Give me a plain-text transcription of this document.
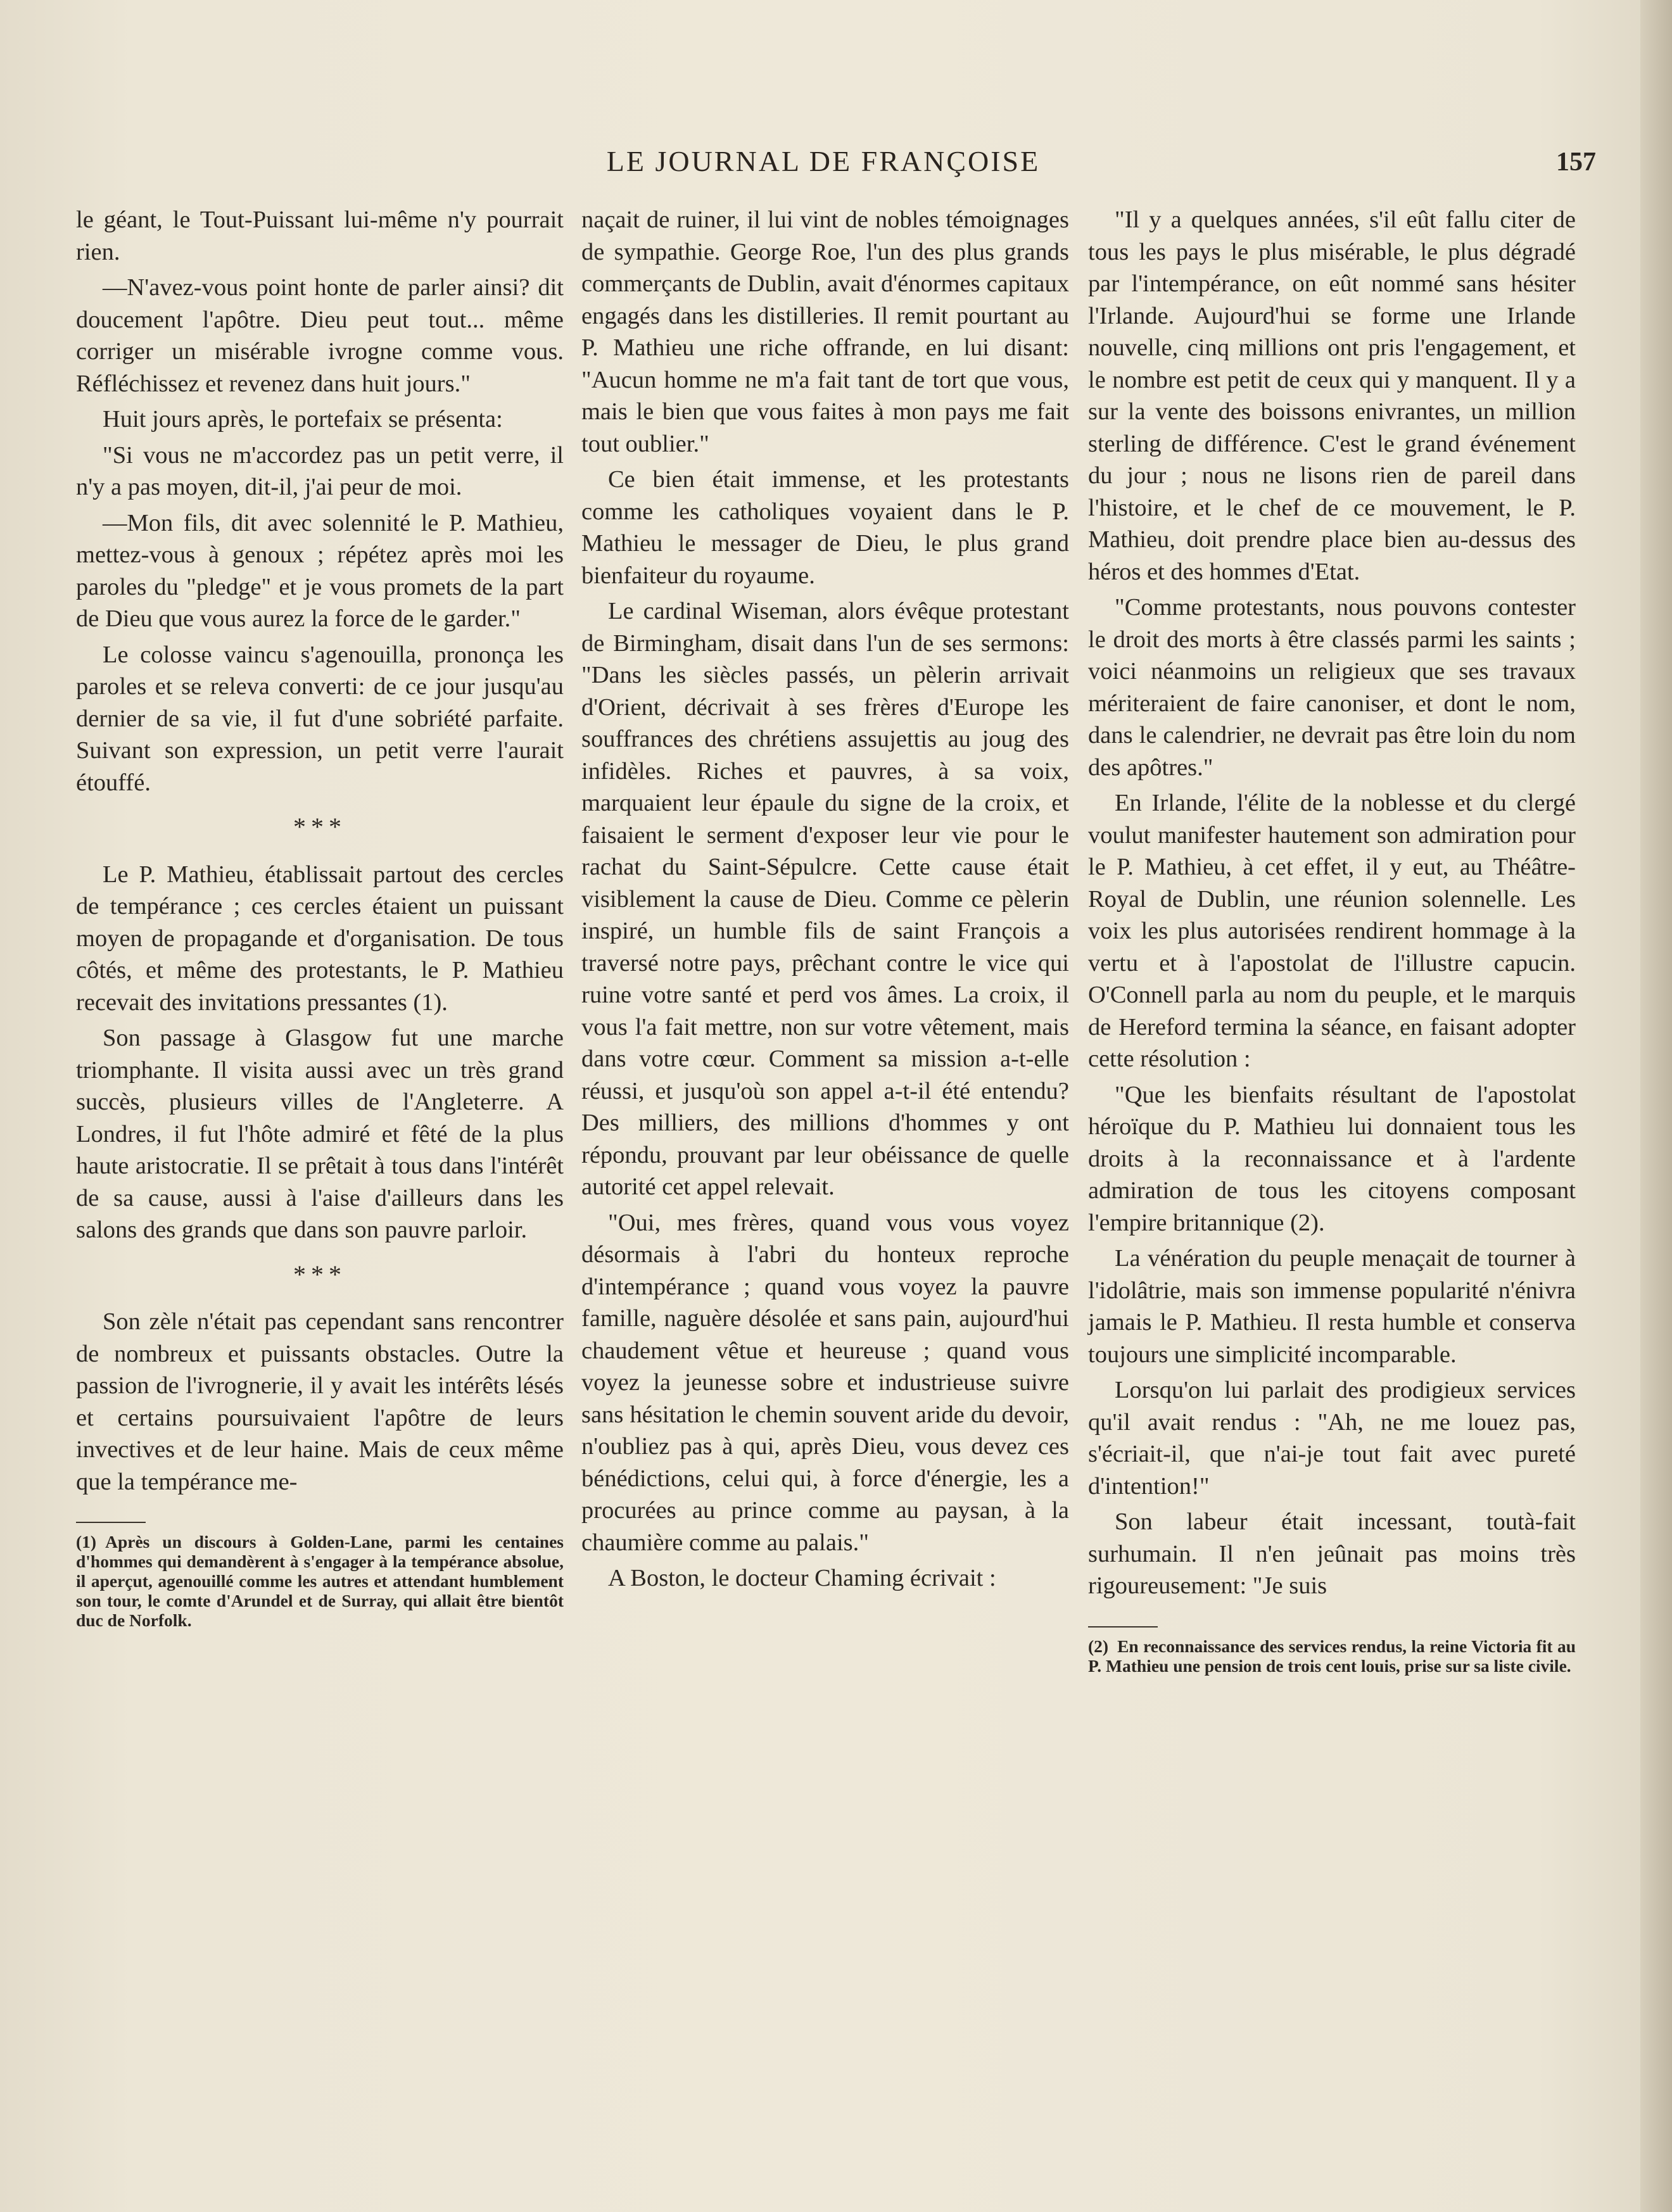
LE JOURNAL DE FRANÇOISE	157

le géant, le Tout-Puissant lui-même n'y pourrait rien.

—N'avez-vous point honte de parler ainsi? dit doucement l'apôtre. Dieu peut tout... même corriger un misérable ivrogne comme vous. Réfléchissez et revenez dans huit jours."

Huit jours après, le portefaix se présenta:

"Si vous ne m'accordez pas un petit verre, il n'y a pas moyen, dit-il, j'ai peur de moi.

—Mon fils, dit avec solennité le P. Mathieu, mettez-vous à genoux ; répétez après moi les paroles du "pledge" et je vous promets de la part de Dieu que vous aurez la force de le garder."

Le colosse vaincu s'agenouilla, prononça les paroles et se releva converti: de ce jour jusqu'au dernier de sa vie, il fut d'une sobriété parfaite. Suivant son expression, un petit verre l'aurait étouffé.

***

Le P. Mathieu, établissait partout des cercles de tempérance ; ces cercles étaient un puissant moyen de propagande et d'organisation. De tous côtés, et même des protestants, le P. Mathieu recevait des invitations pressantes (1).

Son passage à Glasgow fut une marche triomphante. Il visita aussi avec un très grand succès, plusieurs villes de l'Angleterre. A Londres, il fut l'hôte admiré et fêté de la plus haute aristocratie. Il se prêtait à tous dans l'intérêt de sa cause, aussi à l'aise d'ailleurs dans les salons des grands que dans son pauvre parloir.

***

Son zèle n'était pas cependant sans rencontrer de nombreux et puissants obstacles. Outre la passion de l'ivrognerie, il y avait les intérêts lésés et certains poursuivaient l'apôtre de leurs invectives et de leur haine. Mais de ceux même que la tempérance me-

(1) Après un discours à Golden-Lane, parmi les centaines d'hommes qui demandèrent à s'engager à la tempérance absolue, il aperçut, agenouillé comme les autres et attendant humblement son tour, le comte d'Arundel et de Surray, qui allait être bientôt duc de Norfolk.

naçait de ruiner, il lui vint de nobles témoignages de sympathie. George Roe, l'un des plus grands commerçants de Dublin, avait d'énormes capitaux engagés dans les distilleries. Il remit pourtant au P. Mathieu une riche offrande, en lui disant: "Aucun homme ne m'a fait tant de tort que vous, mais le bien que vous faites à mon pays me fait tout oublier."

Ce bien était immense, et les protestants comme les catholiques voyaient dans le P. Mathieu le messager de Dieu, le plus grand bienfaiteur du royaume.

Le cardinal Wiseman, alors évêque protestant de Birmingham, disait dans l'un de ses sermons: "Dans les siècles passés, un pèlerin arrivait d'Orient, décrivait à ses frères d'Europe les souffrances des chrétiens assujettis au joug des infidèles. Riches et pauvres, à sa voix, marquaient leur épaule du signe de la croix, et faisaient le serment d'exposer leur vie pour le rachat du Saint-Sépulcre. Cette cause était visiblement la cause de Dieu. Comme ce pèlerin inspiré, un humble fils de saint François a traversé notre pays, prêchant contre le vice qui ruine votre santé et perd vos âmes. La croix, il vous l'a fait mettre, non sur votre vêtement, mais dans votre cœur. Comment sa mission a-t-elle réussi, et jusqu'où son appel a-t-il été entendu? Des milliers, des millions d'hommes y ont répondu, prouvant par leur obéissance de quelle autorité cet appel relevait.

"Oui, mes frères, quand vous vous voyez désormais à l'abri du honteux reproche d'intempérance ; quand vous voyez la pauvre famille, naguère désolée et sans pain, aujourd'hui chaudement vêtue et heureuse ; quand vous voyez la jeunesse sobre et industrieuse suivre sans hésitation le chemin souvent aride du devoir, n'oubliez pas à qui, après Dieu, vous devez ces bénédictions, celui qui, à force d'énergie, les a procurées au prince comme au paysan, à la chaumière comme au palais."

A Boston, le docteur Chaming écrivait :

"Il y a quelques années, s'il eût fallu citer de tous les pays le plus misérable, le plus dégradé par l'intempérance, on eût nommé sans hésiter l'Irlande. Aujourd'hui se forme une Irlande nouvelle, cinq millions ont pris l'engagement, et le nombre est petit de ceux qui y manquent. Il y a sur la vente des boissons enivrantes, un million sterling de différence. C'est le grand événement du jour ; nous ne lisons rien de pareil dans l'histoire, et le chef de ce mouvement, le P. Mathieu, doit prendre place bien au-dessus des héros et des hommes d'Etat.

"Comme protestants, nous pouvons contester le droit des morts à être classés parmi les saints ; voici néanmoins un religieux que ses travaux mériteraient de faire canoniser, et dont le nom, dans le calendrier, ne devrait pas être loin du nom des apôtres."

En Irlande, l'élite de la noblesse et du clergé voulut manifester hautement son admiration pour le P. Mathieu, à cet effet, il y eut, au Théâtre-Royal de Dublin, une réunion solennelle. Les voix les plus autorisées rendirent hommage à la vertu et à l'apostolat de l'illustre capucin. O'Connell parla au nom du peuple, et le marquis de Hereford termina la séance, en faisant adopter cette résolution :

"Que les bienfaits résultant de l'apostolat héroïque du P. Mathieu lui donnaient tous les droits à la reconnaissance et à l'ardente admiration de tous les citoyens composant l'empire britannique (2).

La vénération du peuple menaçait de tourner à l'idolâtrie, mais son immense popularité n'énivra jamais le P. Mathieu. Il resta humble et conserva toujours une simplicité incomparable.

Lorsqu'on lui parlait des prodigieux services qu'il avait rendus : "Ah, ne me louez pas, s'écriait-il, que n'ai-je tout fait avec pureté d'intention!"

Son labeur était incessant, toutà-fait surhumain. Il n'en jeûnait pas moins très rigoureusement: "Je suis

(2) En reconnaissance des services rendus, la reine Victoria fit au P. Mathieu une pension de trois cent louis, prise sur sa liste civile.
